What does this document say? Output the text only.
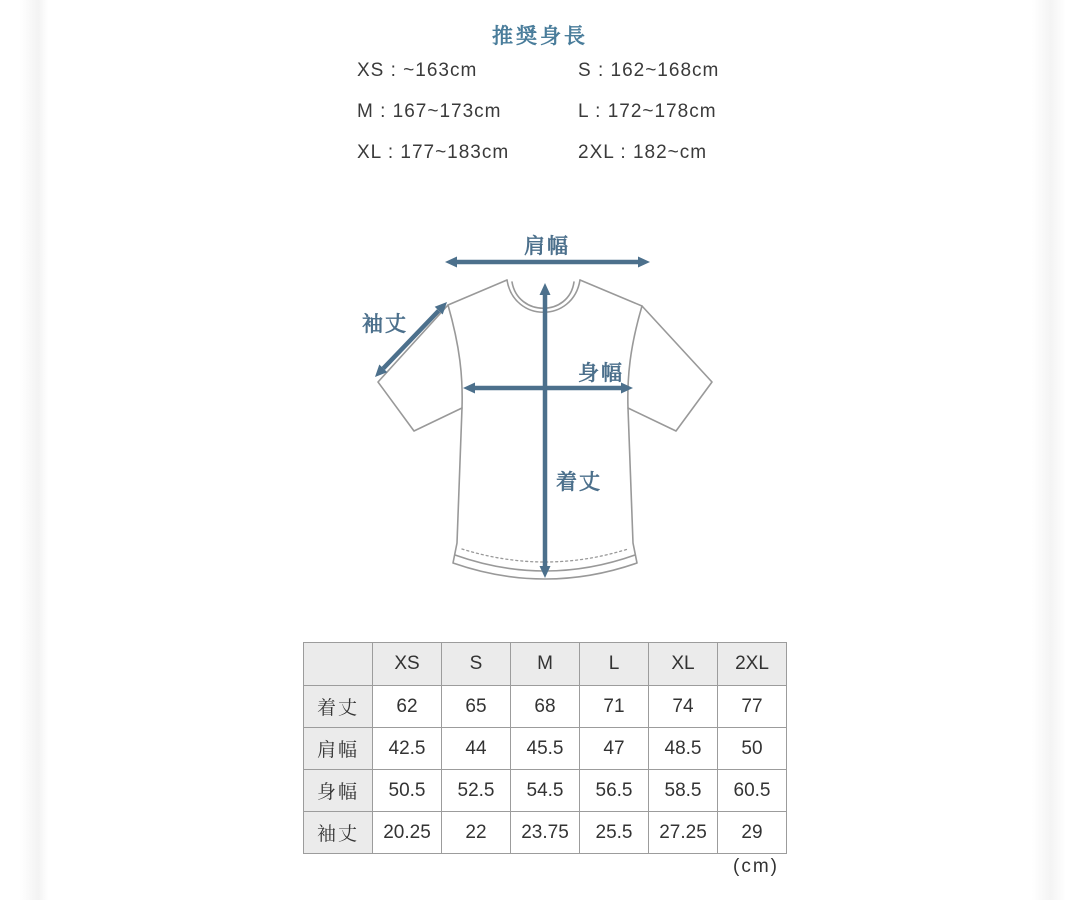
推奨身長
XS : ~163cm	S : 162~168cm
M : 167~173cm	L : 172~178cm
XL : 177~183cm	2XL : 182~cm
肩幅
袖丈
身幅
着丈
	XS	S	M	L	XL	2XL
着丈	62	65	68	71	74	77
肩幅	42.5	44	45.5	47	48.5	50
身幅	50.5	52.5	54.5	56.5	58.5	60.5
袖丈	20.25	22	23.75	25.5	27.25	29
(cm)
